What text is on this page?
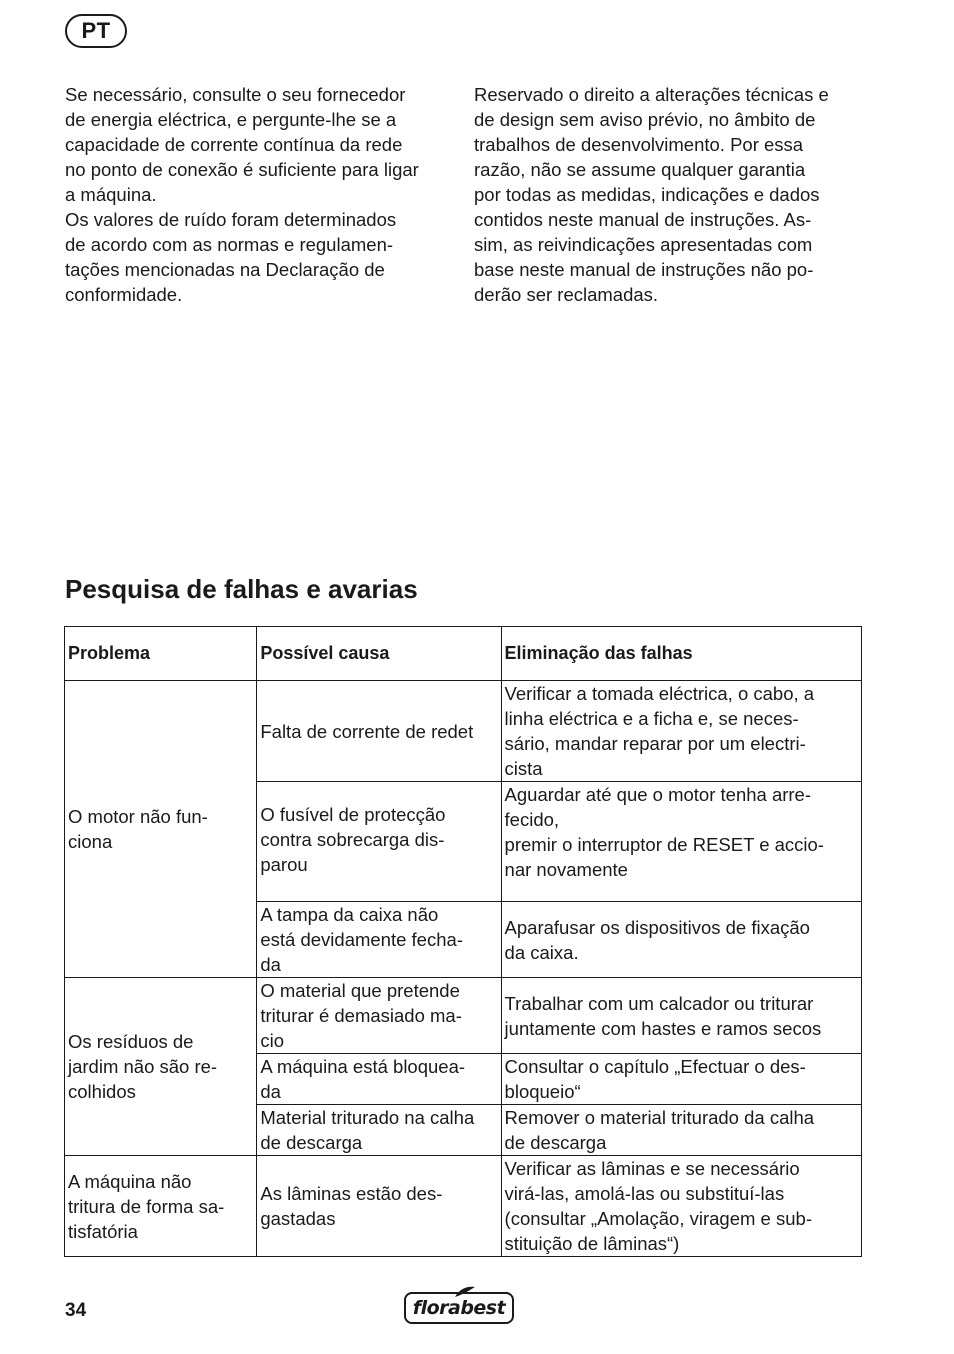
PT

Se necessário, consulte o seu fornecedor
de energia eléctrica, e pergunte-lhe se a
capacidade de corrente contínua da rede
no ponto de conexão é suficiente para ligar
a máquina.

Os valores de ruído foram determinados
de acordo com as normas e regulamen-
tações mencionadas na Declaração de
conformidade.

Reservado o direito a alterações técnicas e
de design sem aviso prévio, no âmbito de
trabalhos de desenvolvimento. Por essa
razão, não se assume qualquer garantia
por todas as medidas, indicações e dados
contidos neste manual de instruções. As-
sim, as reivindicações apresentadas com
base neste manual de instruções não po-
derão ser reclamadas.

Pesquisa de falhas e avarias
Problema	Possível causa	Eliminação das falhas
O motor não fun-
ciona	Falta de corrente de redet	Verificar a tomada eléctrica, o cabo, a
linha eléctrica e a ficha e, se neces-
sário, mandar reparar por um electri-
cista
	O fusível de protecção
contra sobrecarga dis-
parou	Aguardar até que o motor tenha arre-
fecido,
premir o interruptor de RESET e accio-
nar novamente
	A tampa da caixa não
está devidamente fecha-
da	Aparafusar os dispositivos de fixação
da caixa.
Os resíduos de
jardim não são re-
colhidos	O material que pretende
triturar é demasiado ma-
cio	Trabalhar com um calcador ou triturar
juntamente com hastes e ramos secos
	A máquina está bloquea-
da	Consultar o capítulo „Efectuar o des-
bloqueio“
	Material triturado na calha
de descarga	Remover o material triturado da calha
de descarga
A máquina não
tritura de forma sa-
tisfatória	As lâminas estão des-
gastadas	Verificar as lâminas e se necessário
virá-las, amolá-las ou substituí-las
(consultar „Amolação, viragem e sub-
stituição de lâminas“)
34	florabest
